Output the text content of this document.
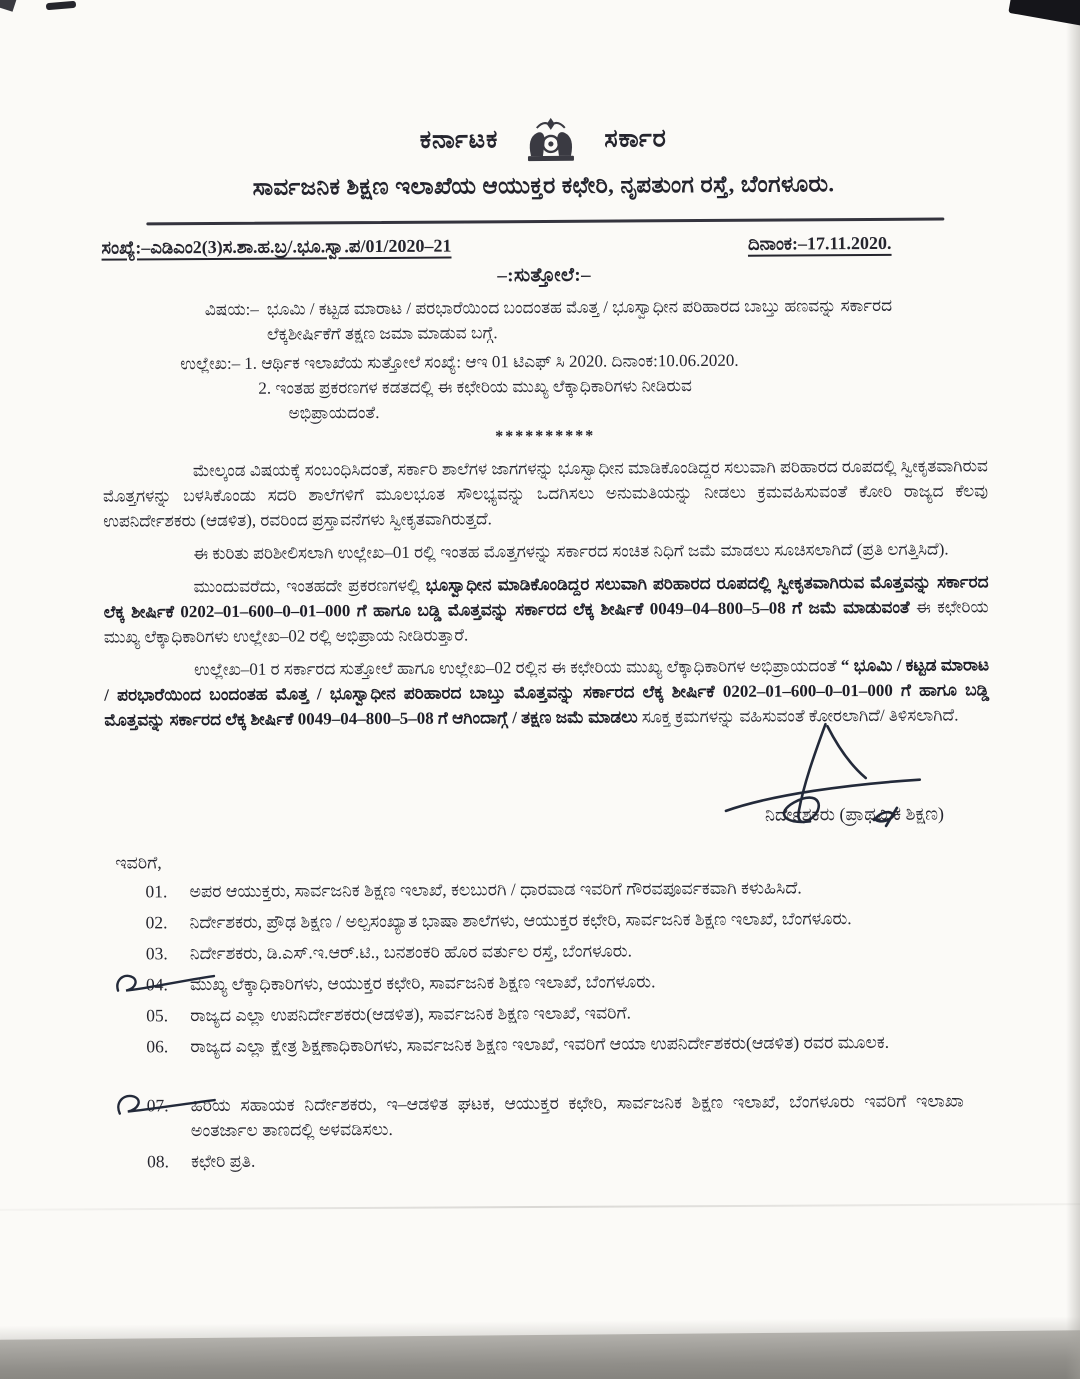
ಕರ್ನಾಟಕ	ಸರ್ಕಾರ
ಸಾರ್ವಜನಿಕ ಶಿಕ್ಷಣ ಇಲಾಖೆಯ ಆಯುಕ್ತರ ಕಛೇರಿ, ನೃಪತುಂಗ ರಸ್ತೆ, ಬೆಂಗಳೂರು.
ಸಂಖ್ಯೆ:–ಎಡಿಎಂ2(3)ಸ.ಶಾ.ಹ.ಬ್ರ/.ಭೂ.ಸ್ವಾ.ಪ/01/2020–21	ದಿನಾಂಕ:–17.11.2020.
–:ಸುತ್ತೋಲೆ:–
ವಿಷಯ:– ಭೂಮಿ / ಕಟ್ಟಡ ಮಾರಾಟ / ಪರಭಾರೆಯಿಂದ ಬಂದಂತಹ ಮೊತ್ತ / ಭೂಸ್ವಾಧೀನ ಪರಿಹಾರದ ಬಾಬ್ತು ಹಣವನ್ನು ಸರ್ಕಾರದ ಲೆಕ್ಕಶೀರ್ಷಿಕೆಗೆ ತಕ್ಷಣ ಜಮಾ ಮಾಡುವ ಬಗ್ಗೆ.
ಉಲ್ಲೇಖ:– 1. ಆರ್ಥಿಕ ಇಲಾಖೆಯ ಸುತ್ತೋಲೆ ಸಂಖ್ಯೆ: ಆಇ 01 ಟಿಎಫ್ ಸಿ 2020. ದಿನಾಂಕ:10.06.2020.
2. ಇಂತಹ ಪ್ರಕರಣಗಳ ಕಡತದಲ್ಲಿ ಈ ಕಛೇರಿಯ ಮುಖ್ಯ ಲೆಕ್ಕಾಧಿಕಾರಿಗಳು ನೀಡಿರುವ
ಅಭಿಪ್ರಾಯದಂತೆ.
**********

ಮೇಲ್ಕಂಡ ವಿಷಯಕ್ಕೆ ಸಂಬಂಧಿಸಿದಂತೆ, ಸರ್ಕಾರಿ ಶಾಲೆಗಳ ಜಾಗಗಳನ್ನು ಭೂಸ್ವಾಧೀನ ಮಾಡಿಕೊಂಡಿದ್ದರ ಸಲುವಾಗಿ ಪರಿಹಾರದ ರೂಪದಲ್ಲಿ ಸ್ವೀಕೃತವಾಗಿರುವ ಮೊತ್ತಗಳನ್ನು ಬಳಸಿಕೊಂಡು ಸದರಿ ಶಾಲೆಗಳಿಗೆ ಮೂಲಭೂತ ಸೌಲಭ್ಯವನ್ನು ಒದಗಿಸಲು ಅನುಮತಿಯನ್ನು ನೀಡಲು ಕ್ರಮವಹಿಸುವಂತೆ ಕೋರಿ ರಾಜ್ಯದ ಕೆಲವು ಉಪನಿರ್ದೇಶಕರು (ಆಡಳಿತ), ರವರಿಂದ ಪ್ರಸ್ತಾವನೆಗಳು ಸ್ವೀಕೃತವಾಗಿರುತ್ತದೆ.

ಈ ಕುರಿತು ಪರಿಶೀಲಿಸಲಾಗಿ ಉಲ್ಲೇಖ–01 ರಲ್ಲಿ ಇಂತಹ ಮೊತ್ತಗಳನ್ನು ಸರ್ಕಾರದ ಸಂಚಿತ ನಿಧಿಗೆ ಜಮೆ ಮಾಡಲು ಸೂಚಿಸಲಾಗಿದೆ (ಪ್ರತಿ ಲಗತ್ತಿಸಿದೆ).

ಮುಂದುವರೆದು, ಇಂತಹದೇ ಪ್ರಕರಣಗಳಲ್ಲಿ ಭೂಸ್ವಾಧೀನ ಮಾಡಿಕೊಂಡಿದ್ದರ ಸಲುವಾಗಿ ಪರಿಹಾರದ ರೂಪದಲ್ಲಿ ಸ್ವೀಕೃತವಾಗಿರುವ ಮೊತ್ತವನ್ನು ಸರ್ಕಾರದ ಲೆಕ್ಕ ಶೀರ್ಷಿಕೆ 0202–01–600–0–01–000 ಗೆ ಹಾಗೂ ಬಡ್ಡಿ ಮೊತ್ತವನ್ನು ಸರ್ಕಾರದ ಲೆಕ್ಕ ಶೀರ್ಷಿಕೆ 0049–04–800–5–08 ಗೆ ಜಮೆ ಮಾಡುವಂತೆ ಈ ಕಛೇರಿಯ ಮುಖ್ಯ ಲೆಕ್ಕಾಧಿಕಾರಿಗಳು ಉಲ್ಲೇಖ–02 ರಲ್ಲಿ ಅಭಿಪ್ರಾಯ ನೀಡಿರುತ್ತಾರೆ.

ಉಲ್ಲೇಖ–01 ರ ಸರ್ಕಾರದ ಸುತ್ತೋಲೆ ಹಾಗೂ ಉಲ್ಲೇಖ–02 ರಲ್ಲಿನ ಈ ಕಛೇರಿಯ ಮುಖ್ಯ ಲೆಕ್ಕಾಧಿಕಾರಿಗಳ ಅಭಿಪ್ರಾಯದಂತೆ “ ಭೂಮಿ / ಕಟ್ಟಡ ಮಾರಾಟ / ಪರಭಾರೆಯಿಂದ ಬಂದಂತಹ ಮೊತ್ತ / ಭೂಸ್ವಾಧೀನ ಪರಿಹಾರದ ಬಾಬ್ತು ಮೊತ್ತವನ್ನು ಸರ್ಕಾರದ ಲೆಕ್ಕ ಶೀರ್ಷಿಕೆ 0202–01–600–0–01–000 ಗೆ ಹಾಗೂ ಬಡ್ಡಿ ಮೊತ್ತವನ್ನು ಸರ್ಕಾರದ ಲೆಕ್ಕ ಶೀರ್ಷಿಕೆ 0049–04–800–5–08 ಗೆ ಆಗಿಂದಾಗ್ಗೆ / ತಕ್ಷಣ ಜಮೆ ಮಾಡಲು ಸೂಕ್ತ ಕ್ರಮಗಳನ್ನು ವಹಿಸುವಂತೆ ಕೋರಲಾಗಿದೆ/ ತಿಳಿಸಲಾಗಿದೆ.

ನಿರ್ದೇಶಕರು (ಪ್ರಾಥಮಿಕ ಶಿಕ್ಷಣ)
ಇವರಿಗೆ,
01.	ಅಪರ ಆಯುಕ್ತರು, ಸಾರ್ವಜನಿಕ ಶಿಕ್ಷಣ ಇಲಾಖೆ, ಕಲಬುರಗಿ / ಧಾರವಾಡ ಇವರಿಗೆ ಗೌರವಪೂರ್ವಕವಾಗಿ ಕಳುಹಿಸಿದೆ.
02.	ನಿರ್ದೇಶಕರು, ಪ್ರೌಢ ಶಿಕ್ಷಣ / ಅಲ್ಪಸಂಖ್ಯಾತ ಭಾಷಾ ಶಾಲೆಗಳು, ಆಯುಕ್ತರ ಕಛೇರಿ, ಸಾರ್ವಜನಿಕ ಶಿಕ್ಷಣ ಇಲಾಖೆ, ಬೆಂಗಳೂರು.
03.	ನಿರ್ದೇಶಕರು, ಡಿ.ಎಸ್.ಇ.ಆರ್.ಟಿ., ಬನಶಂಕರಿ ಹೊರ ವರ್ತುಲ ರಸ್ತೆ, ಬೆಂಗಳೂರು.
04.	ಮುಖ್ಯ ಲೆಕ್ಕಾಧಿಕಾರಿಗಳು, ಆಯುಕ್ತರ ಕಛೇರಿ, ಸಾರ್ವಜನಿಕ ಶಿಕ್ಷಣ ಇಲಾಖೆ, ಬೆಂಗಳೂರು.
05.	ರಾಜ್ಯದ ಎಲ್ಲಾ ಉಪನಿರ್ದೇಶಕರು(ಆಡಳಿತ), ಸಾರ್ವಜನಿಕ ಶಿಕ್ಷಣ ಇಲಾಖೆ, ಇವರಿಗೆ.
06.	ರಾಜ್ಯದ ಎಲ್ಲಾ ಕ್ಷೇತ್ರ ಶಿಕ್ಷಣಾಧಿಕಾರಿಗಳು, ಸಾರ್ವಜನಿಕ ಶಿಕ್ಷಣ ಇಲಾಖೆ, ಇವರಿಗೆ ಆಯಾ ಉಪನಿರ್ದೇಶಕರು(ಆಡಳಿತ) ರವರ ಮೂಲಕ.
07.	ಹಿರಿಯ ಸಹಾಯಕ ನಿರ್ದೇಶಕರು, ಇ–ಆಡಳಿತ ಘಟಕ, ಆಯುಕ್ತರ ಕಛೇರಿ, ಸಾರ್ವಜನಿಕ ಶಿಕ್ಷಣ ಇಲಾಖೆ, ಬೆಂಗಳೂರು ಇವರಿಗೆ ಇಲಾಖಾ ಅಂತರ್ಜಾಲ ತಾಣದಲ್ಲಿ ಅಳವಡಿಸಲು.
08.	ಕಛೇರಿ ಪ್ರತಿ.
